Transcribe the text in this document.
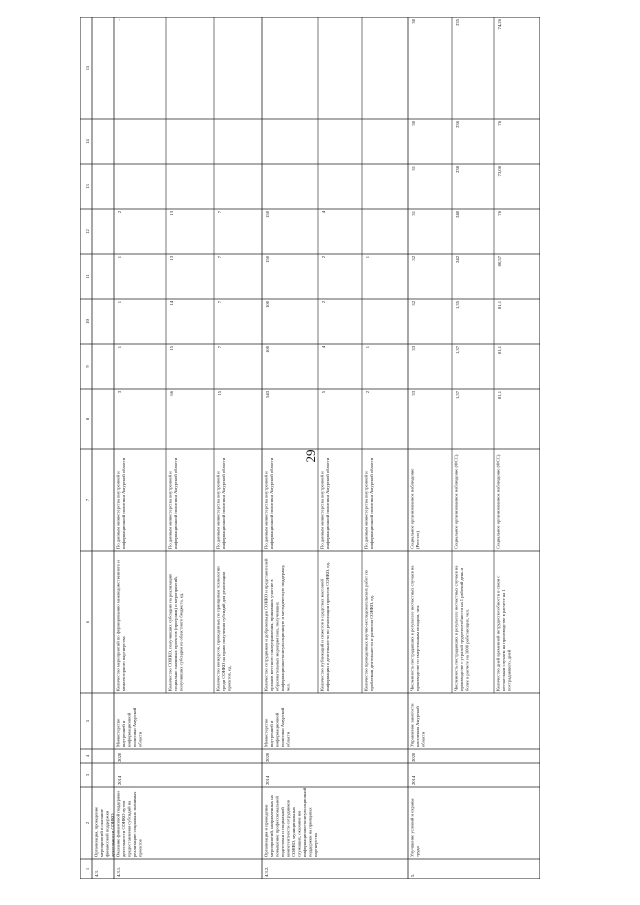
29
1
2
3
4
5
6
7
8
9
10
11
12
13
14
15
4.3.
Организация, проведениемероприятий и оказаниефинансовой поддержкидеятельности СОНКО
4.3.1.
Оказание финансовой поддержкидеятельности СОНКО путемпредоставления субсидий нареализацию социально значимыхпроектов
2014
2020
Министерствовнутренней иинформационнойполитики Амурскойобласти
Количество мероприятий по формированию межведомственного имежсекторного партнерства
По данным министерства внутренней иинформационной политики Амурской области
3
1
1
1
2
-
Количество СОНКО, получивших субсидию на реализациюсоциально значимых проектов (программ) и мероприятий,получивших субсидии из областного бюджета, ед.
По данным министерства внутренней иинформационной политики Амурской области
66
15
14
13
13
Количество конкурсов, проведенных по принципам технологиисреди СОНКО на право получения субсидий для реализациипроектов, ед.
По данным министерства внутренней иинформационной политики Амурской области
15
7
7
7
7
4.3.2.
Организация и проведениемероприятий, направленных наповышение профессиональнойподготовки и социальнойкомпетентности сотрудниковСОНКО, муниципальныхслужащих, оказание иминформационно-консультационнойподдержки на принципахпартнерства
2014
2020
Министерствовнутренней иинформационнойполитики Амурскойобласти
Количество сотрудников и добровольцев СОНКО и представителейорганов местного самоуправления, принявших участие вобразовательных мероприятиях, получившихинформационно-консультационную и методическую поддержку,чел.
По данным министерства внутренней иинформационной политики Амурской области
543
100
100
150
150
Количество публикаций и сюжетов в средствах массовойинформации о деятельности по реализации проектов СОНКО, ед.
По данным министерства внутренней иинформационной политики Амурской области
5
4
2
2
4
Количество проведенных научно-исследовательских работ попроблемам деятельности и развития СОНКО, ед.
По данным министерства внутренней иинформационной политики Амурской области
2
1
1
5.
Улучшение условий и охранытруда
2014
2020
Управление занятостинаселения Амурскойобласти
Численность пострадавших в результате несчастных случаев напроизводстве со смертельным исходом, чел.
Социальное организованное наблюдение(Росстат)
33
33
32
32
31
31
30
30
Численность пострадавших в результате несчастных случаев напроизводстве с утратой трудоспособности на 1 рабочий день иболее в расчете на 1000 работающих, чел.
Социальное организованное наблюдение (ФСС)
1,37
1,37
1,35
242
240
238
236
235
Количество дней временной нетрудоспособности в связи снесчастным случаем на производстве в расчете на 1пострадавшего, дней
Социальное организованное наблюдение (ФСС)
81,1
81,1
81,1
80,57
76
73,06
76
74,26
